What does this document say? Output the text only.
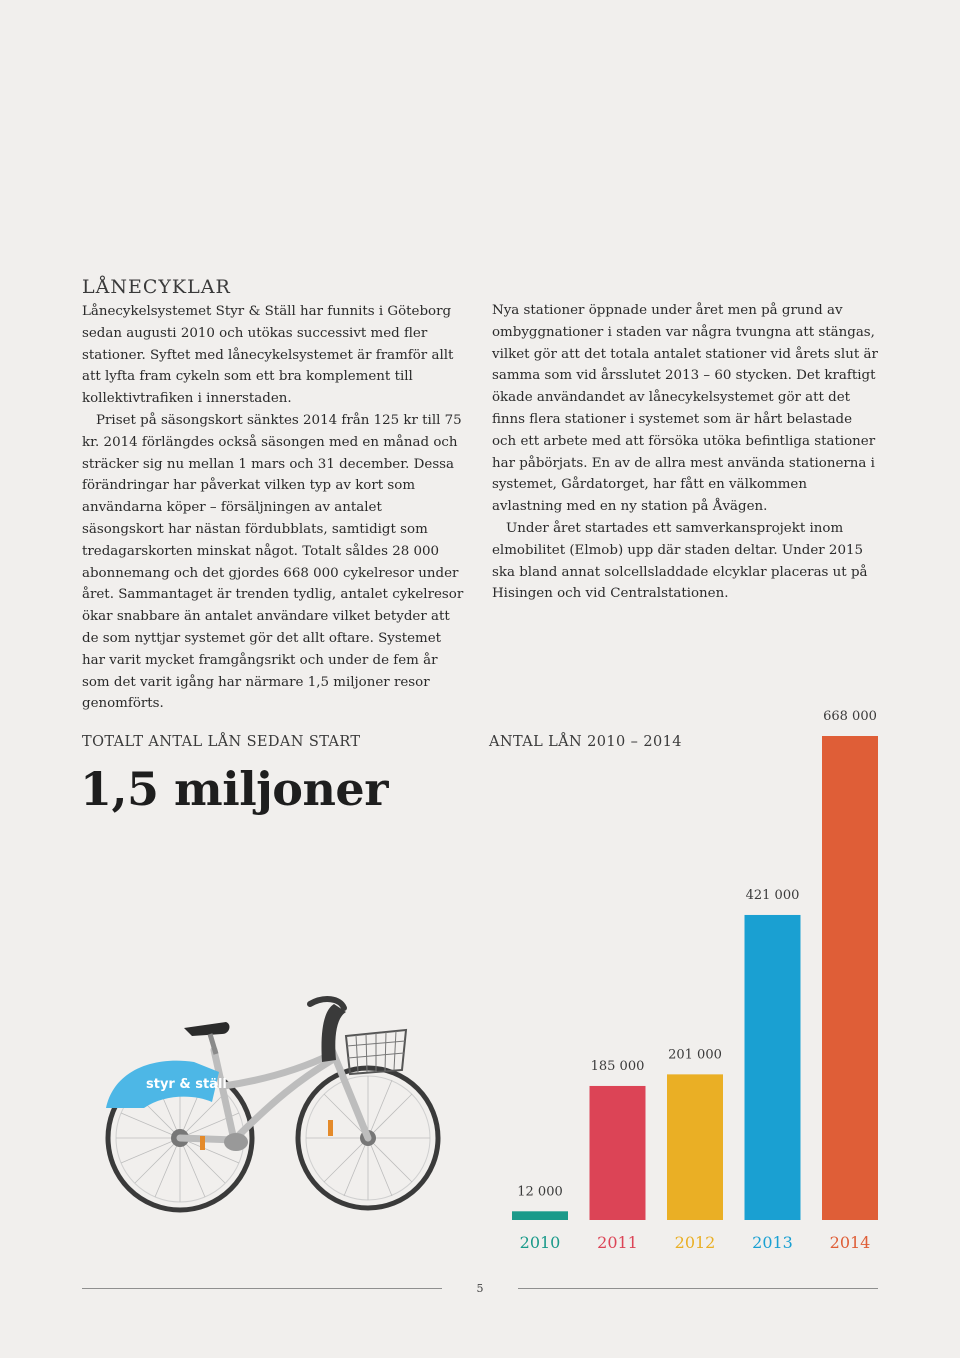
LÅNECYKLAR

Lånecykelsystemet Styr & Ställ har funnits i Göteborg sedan augusti 2010 och utökas successivt med fler stationer. Syftet med lånecykelsystemet är framför allt att lyfta fram cykeln som ett bra komplement till kollektivtrafiken i innerstaden.

Priset på säsongskort sänktes 2014 från 125 kr till 75 kr. 2014 förlängdes också säsongen med en månad och sträcker sig nu mellan 1 mars och 31 december. Dessa förändringar har påverkat vilken typ av kort som användarna köper – försäljningen av antalet säsongskort har nästan fördubblats, samtidigt som tredagarskorten minskat något. Totalt såldes 28 000 abonnemang och det gjordes 668 000 cykelresor under året. Sammantaget är trenden tydlig, antalet cykelresor ökar snabbare än antalet användare vilket betyder att de som nyttjar systemet gör det allt oftare. Systemet har varit mycket framgångsrikt och under de fem år som det varit igång har närmare 1,5 miljoner resor genomförts.

Nya stationer öppnade under året men på grund av ombyggnationer i staden var några tvungna att stängas, vilket gör att det totala antalet stationer vid årets slut är samma som vid årsslutet 2013 – 60 stycken. Det kraftigt ökade användandet av lånecykelsystemet gör att det finns flera stationer i systemet som är hårt belastade och ett arbete med att försöka utöka befintliga stationer har påbörjats. En av de allra mest använda stationerna i systemet, Gårdatorget, har fått en välkommen avlastning med en ny station på Åvägen.

Under året startades ett samverkansprojekt inom elmobilitet (Elmob) upp där staden deltar. Under 2015 ska bland annat solcellsladdade elcyklar placeras ut på Hisingen och vid Centralstationen.

TOTALT ANTAL LÅN SEDAN START
1,5 miljoner
ANTAL LÅN 2010 – 2014
styr & ställ
12 000
2010
185 000
2011
201 000
2012
421 000
2013
668 000
2014
5
